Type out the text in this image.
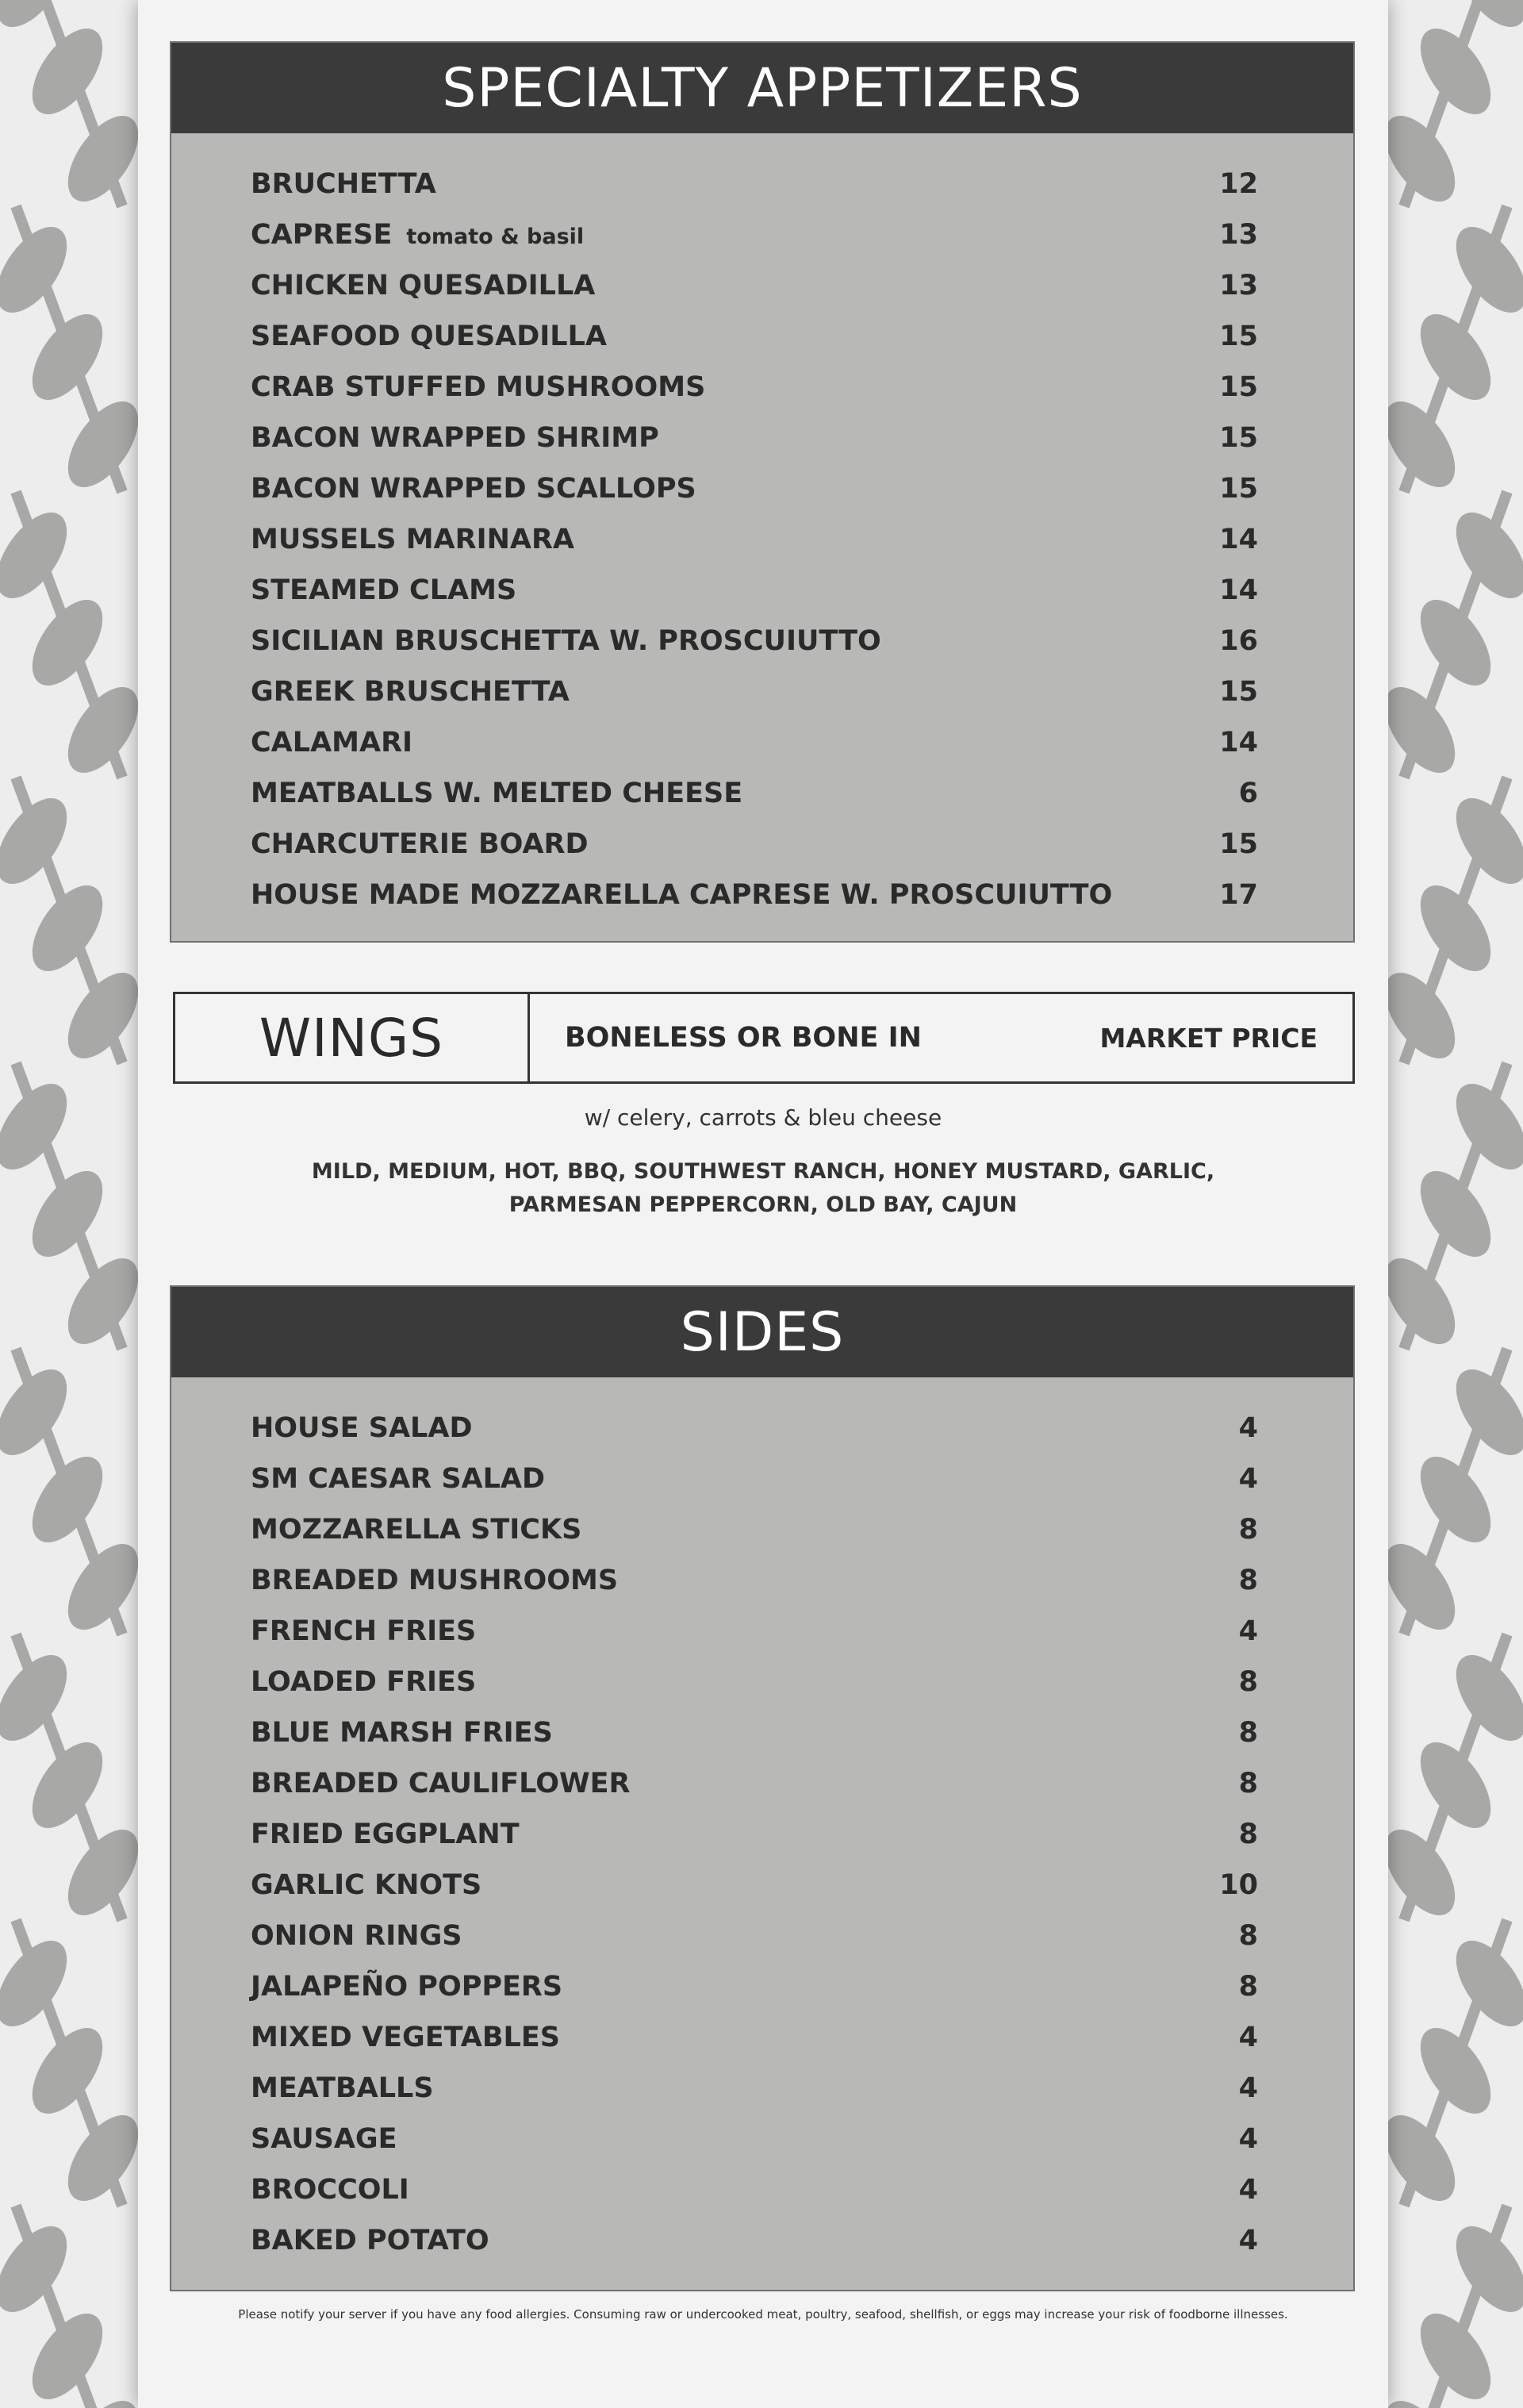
SPECIALTY APPETIZERS
BRUCHETTA	12
CAPRESE tomato & basil	13
CHICKEN QUESADILLA	13
SEAFOOD QUESADILLA	15
CRAB STUFFED MUSHROOMS	15
BACON WRAPPED SHRIMP	15
BACON WRAPPED SCALLOPS	15
MUSSELS MARINARA	14
STEAMED CLAMS	14
SICILIAN BRUSCHETTA W. PROSCUIUTTO	16
GREEK BRUSCHETTA	15
CALAMARI	14
MEATBALLS W. MELTED CHEESE	6
CHARCUTERIE BOARD	15
HOUSE MADE MOZZARELLA CAPRESE W. PROSCUIUTTO	17
WINGS	BONELESS OR BONE IN	MARKET PRICE
w/ celery, carrots & bleu cheese
MILD, MEDIUM, HOT, BBQ, SOUTHWEST RANCH, HONEY MUSTARD, GARLIC,
PARMESAN PEPPERCORN, OLD BAY, CAJUN
SIDES
HOUSE SALAD	4
SM CAESAR SALAD	4
MOZZARELLA STICKS	8
BREADED MUSHROOMS	8
FRENCH FRIES	4
LOADED FRIES	8
BLUE MARSH FRIES	8
BREADED CAULIFLOWER	8
FRIED EGGPLANT	8
GARLIC KNOTS	10
ONION RINGS	8
JALAPEÑO POPPERS	8
MIXED VEGETABLES	4
MEATBALLS	4
SAUSAGE	4
BROCCOLI	4
BAKED POTATO	4
Please notify your server if you have any food allergies. Consuming raw or undercooked meat, poultry, seafood, shellfish, or eggs may increase your risk of foodborne illnesses.
